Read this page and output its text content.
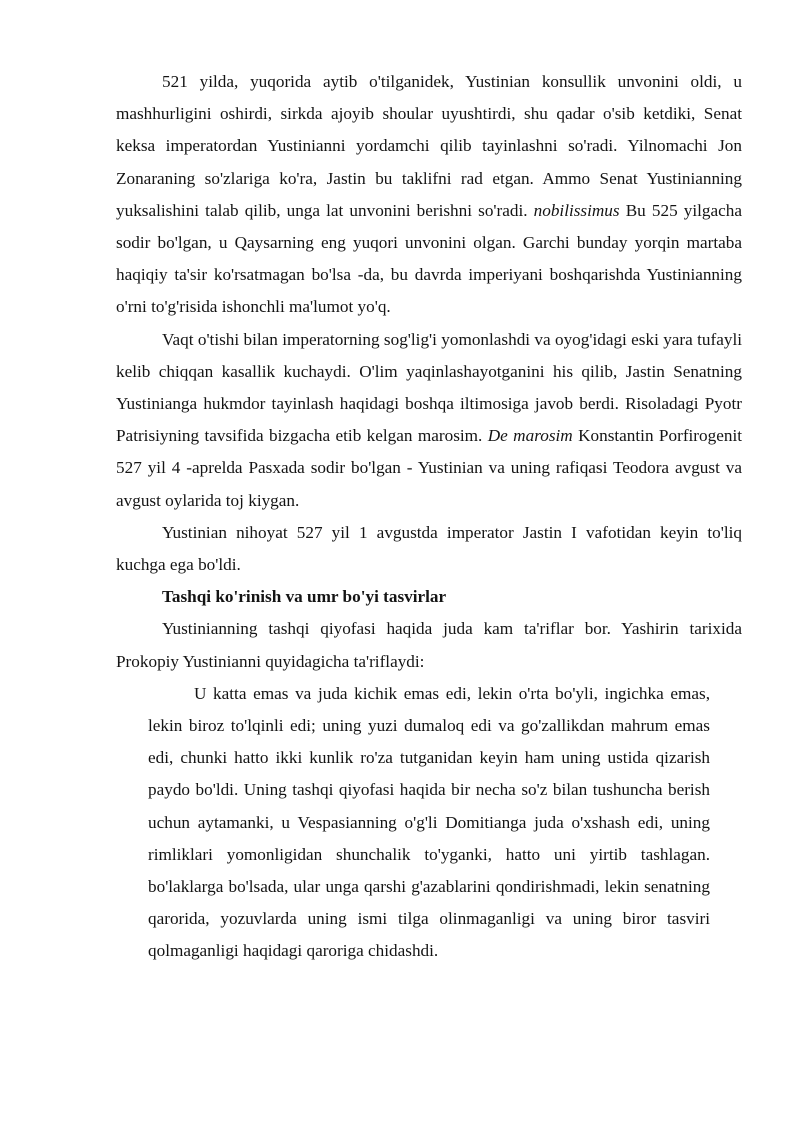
521 yilda, yuqorida aytib o'tilganidek, Yustinian konsullik unvonini oldi, u mashhurligini oshirdi, sirkda ajoyib shoular uyushtirdi, shu qadar o'sib ketdiki, Senat keksa imperatordan Yustinianni yordamchi qilib tayinlashni so'radi. Yilnomachi Jon Zonaraning so'zlariga ko'ra, Jastin bu taklifni rad etgan. Ammo Senat Yustinianning yuksalishini talab qilib, unga lat unvonini berishni so'radi. nobilissimus Bu 525 yilgacha sodir bo'lgan, u Qaysarning eng yuqori unvonini olgan. Garchi bunday yorqin martaba haqiqiy ta'sir ko'rsatmagan bo'lsa -da, bu davrda imperiyani boshqarishda Yustinianning o'rni to'g'risida ishonchli ma'lumot yo'q.

Vaqt o'tishi bilan imperatorning sog'lig'i yomonlashdi va oyog'idagi eski yara tufayli kelib chiqqan kasallik kuchaydi. O'lim yaqinlashayotganini his qilib, Jastin Senatning Yustinianga hukmdor tayinlash haqidagi boshqa iltimosiga javob berdi. Risoladagi Pyotr Patrisiyning tavsifida bizgacha etib kelgan marosim. De marosim Konstantin Porfirogenit 527 yil 4 -aprelda Pasxada sodir bo'lgan - Yustinian va uning rafiqasi Teodora avgust va avgust oylarida toj kiygan.

Yustinian nihoyat 527 yil 1 avgustda imperator Jastin I vafotidan keyin to'liq kuchga ega bo'ldi.

Tashqi ko'rinish va umr bo'yi tasvirlar

Yustinianning tashqi qiyofasi haqida juda kam ta'riflar bor. Yashirin tarixida Prokopiy Yustinianni quyidagicha ta'riflaydi:

U katta emas va juda kichik emas edi, lekin o'rta bo'yli, ingichka emas, lekin biroz to'lqinli edi; uning yuzi dumaloq edi va go'zallikdan mahrum emas edi, chunki hatto ikki kunlik ro'za tutganidan keyin ham uning ustida qizarish paydo bo'ldi. Uning tashqi qiyofasi haqida bir necha so'z bilan tushuncha berish uchun aytamanki, u Vespasianning o'g'li Domitianga juda o'xshash edi, uning rimliklari yomonligidan shunchalik to'yganki, hatto uni yirtib tashlagan. bo'laklarga bo'lsada, ular unga qarshi g'azablarini qondirishmadi, lekin senatning qarorida, yozuvlarda uning ismi tilga olinmaganligi va uning biror tasviri qolmaganligi haqidagi qaroriga chidashdi.
